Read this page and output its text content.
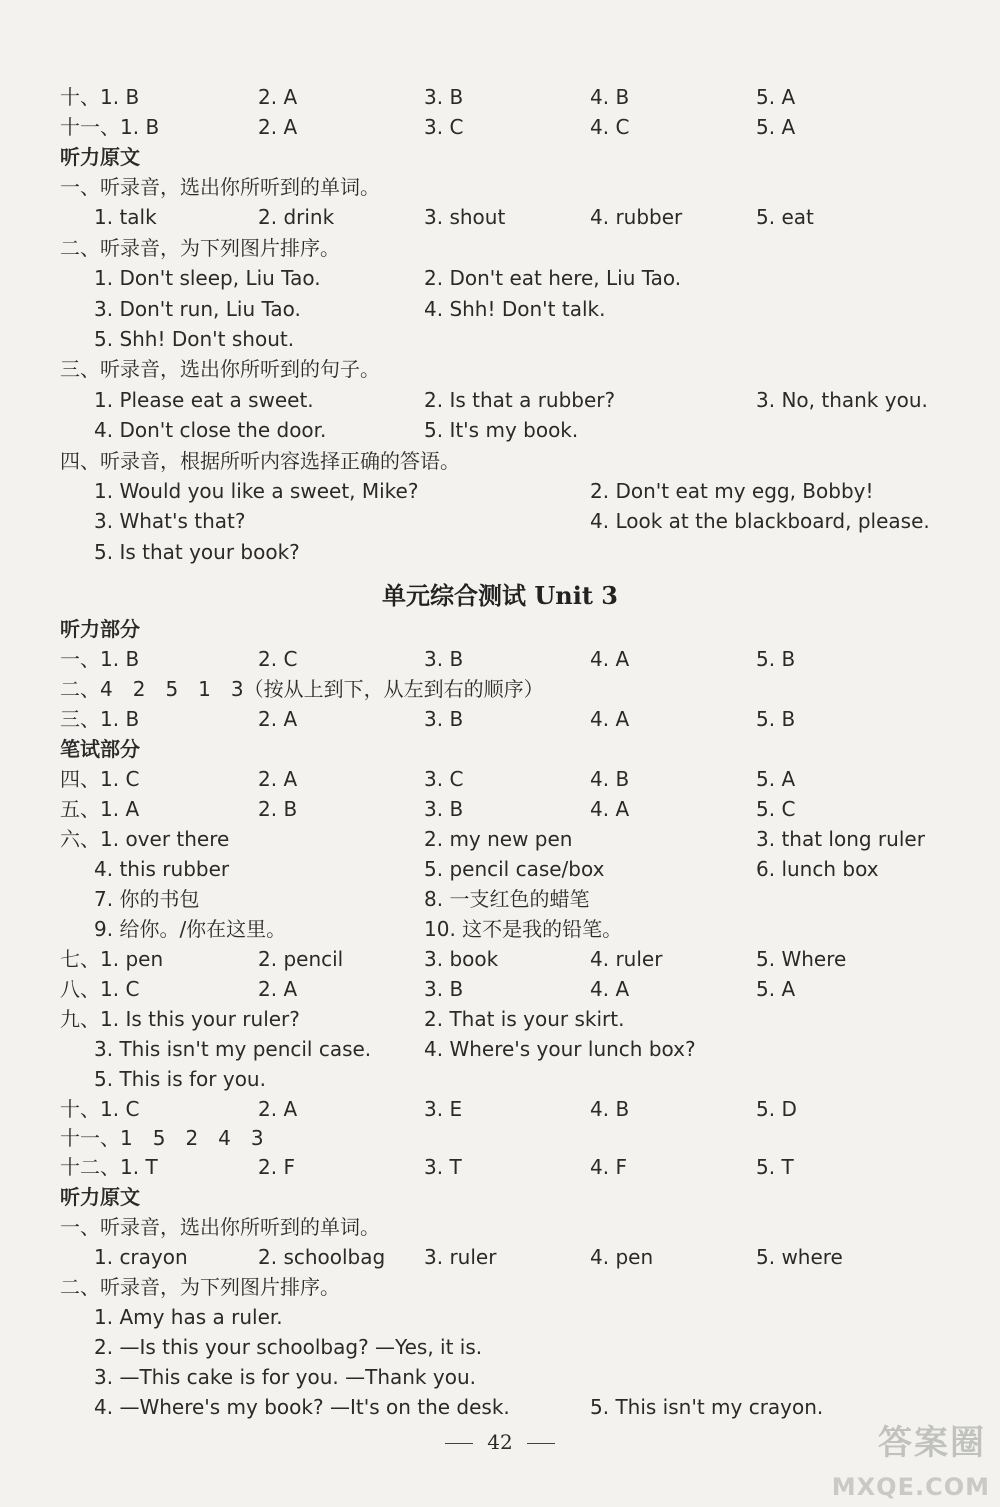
十、1. B	2. A	3. B	4. B	5. A
十一、1. B	2. A	3. C	4. C	5. A
听力原文
一、听录音，选出你所听到的单词。
1. talk	2. drink	3. shout	4. rubber	5. eat
二、听录音，为下列图片排序。
1. Don't sleep, Liu Tao.	2. Don't eat here, Liu Tao.
3. Don't run, Liu Tao.	4. Shh! Don't talk.
5. Shh! Don't shout.
三、听录音，选出你所听到的句子。
1. Please eat a sweet.	2. Is that a rubber?	3. No, thank you.
4. Don't close the door.	5. It's my book.
四、听录音，根据所听内容选择正确的答语。
1. Would you like a sweet, Mike?	2. Don't eat my egg, Bobby!
3. What's that?	4. Look at the blackboard, please.
5. Is that your book?
听力部分
一、1. B	2. C	3. B	4. A	5. B
二、4　2　5　1　3（按从上到下，从左到右的顺序）
三、1. B	2. A	3. B	4. A	5. B
笔试部分
四、1. C	2. A	3. C	4. B	5. A
五、1. A	2. B	3. B	4. A	5. C
六、1. over there	2. my new pen	3. that long ruler
4. this rubber	5. pencil case/box	6. lunch box
7. 你的书包	8. 一支红色的蜡笔
9. 给你。/你在这里。	10. 这不是我的铅笔。
七、1. pen	2. pencil	3. book	4. ruler	5. Where
八、1. C	2. A	3. B	4. A	5. A
九、1. Is this your ruler?	2. That is your skirt.
3. This isn't my pencil case.	4. Where's your lunch box?
5. This is for you.
十、1. C	2. A	3. E	4. B	5. D
十一、1　5　2　4　3
十二、1. T	2. F	3. T	4. F	5. T
听力原文
一、听录音，选出你所听到的单词。
1. crayon	2. schoolbag 3. ruler	4. pen	5. where
二、听录音，为下列图片排序。
1. Amy has a ruler.
2. —Is this your schoolbag? —Yes, it is.
3. —This cake is for you. —Thank you.
4. —Where's my book? —It's on the desk.	5. This isn't my crayon.
单元综合测试 Unit 3
42	答案圈
MXQE.COM
